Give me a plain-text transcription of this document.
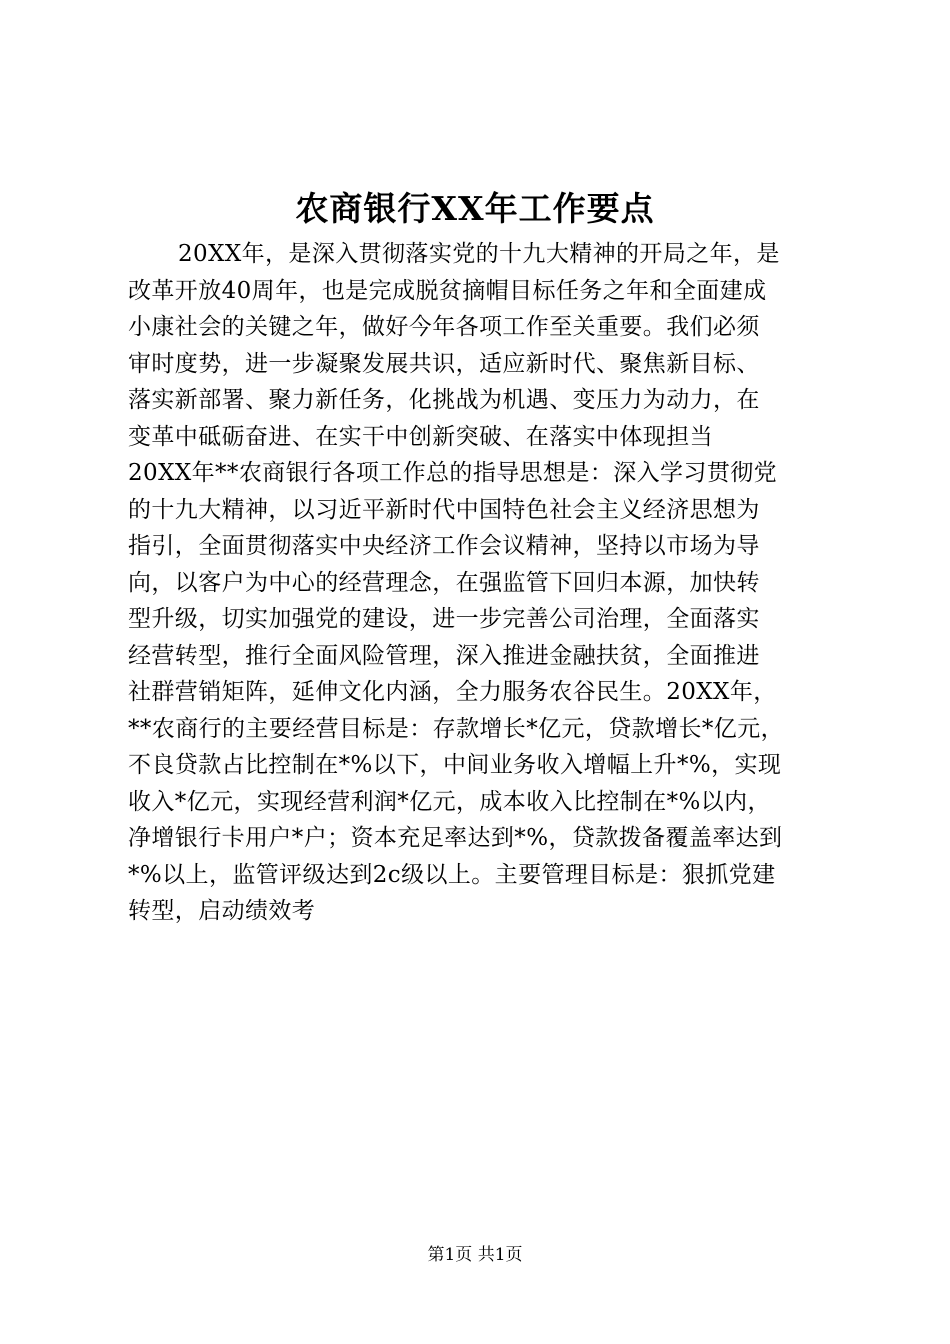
农商银行XX年工作要点
20XX年，是深入贯彻落实党的十九大精神的开局之年，是
改革开放40周年，也是完成脱贫摘帽目标任务之年和全面建成
小康社会的关键之年，做好今年各项工作至关重要。我们必须
审时度势，进一步凝聚发展共识，适应新时代、聚焦新目标、
落实新部署、聚力新任务，化挑战为机遇、变压力为动力，在
变革中砥砺奋进、在实干中创新突破、在落实中体现担当
20XX年**农商银行各项工作总的指导思想是：深入学习贯彻党
的十九大精神，以习近平新时代中国特色社会主义经济思想为
指引，全面贯彻落实中央经济工作会议精神，坚持以市场为导
向，以客户为中心的经营理念，在强监管下回归本源，加快转
型升级，切实加强党的建设，进一步完善公司治理，全面落实
经营转型，推行全面风险管理，深入推进金融扶贫，全面推进
社群营销矩阵，延伸文化内涵，全力服务农谷民生。20XX年，
**农商行的主要经营目标是：存款增长*亿元，贷款增长*亿元，
不良贷款占比控制在*%以下，中间业务收入增幅上升*%，实现
收入*亿元，实现经营利润*亿元，成本收入比控制在*%以内，
净增银行卡用户*户；资本充足率达到*%，贷款拨备覆盖率达到
*%以上，监管评级达到2c级以上。主要管理目标是：狠抓党建
转型，启动绩效考
第1页 共1页
